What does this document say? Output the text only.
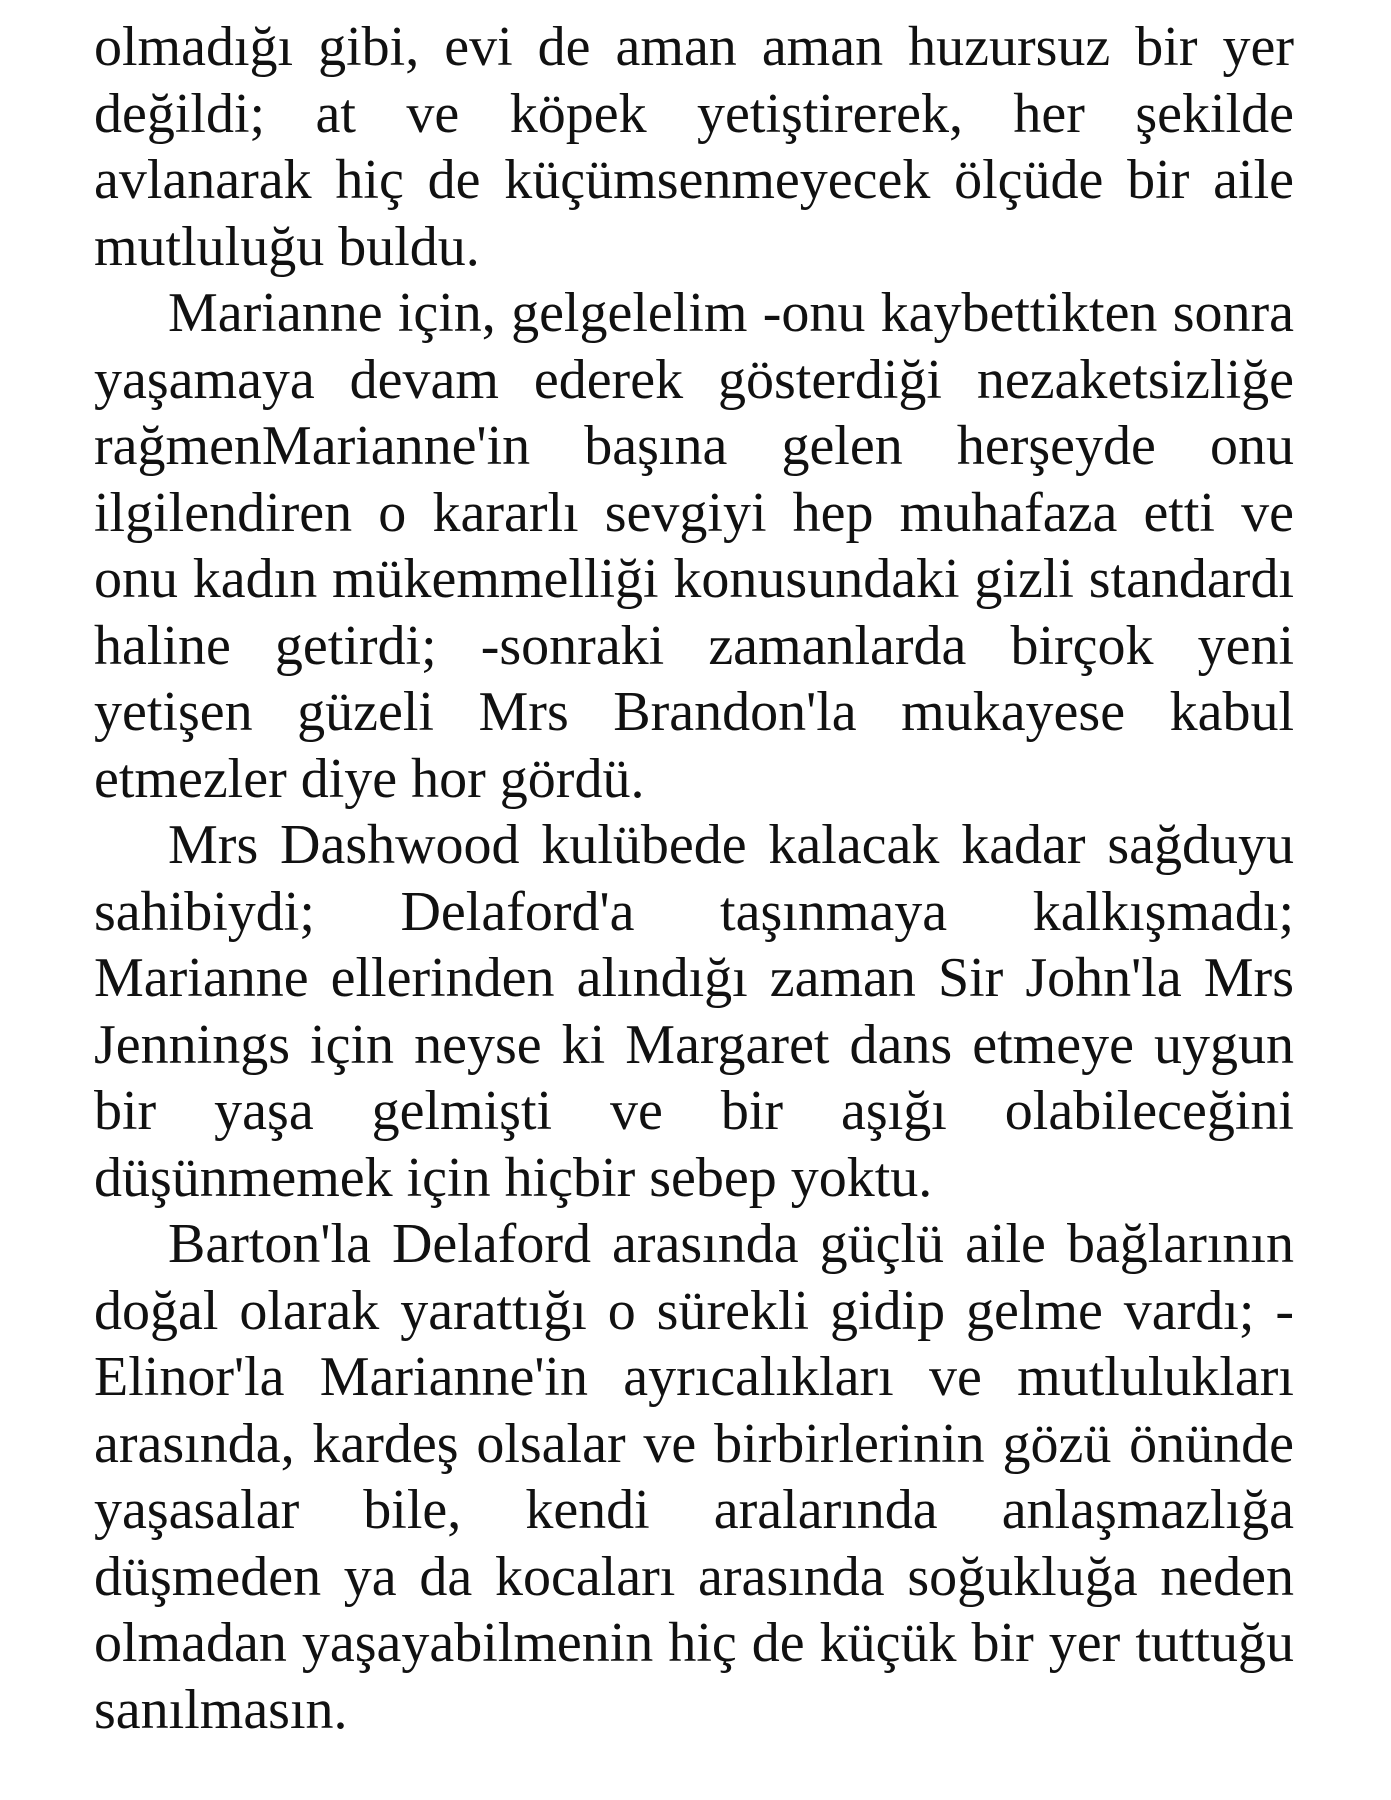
olmadığı gibi, evi de aman aman huzursuz bir yer değildi; at ve köpek yetiştirerek, her şekilde avlanarak hiç de küçümsenmeyecek ölçüde bir aile mutluluğu buldu.

Marianne için, gelgelelim -onu kaybettikten sonra yaşamaya devam ederek gösterdiği nezaketsizliğe rağmenMarianne'in başına gelen herşeyde onu ilgilendiren o kararlı sevgiyi hep muhafaza etti ve onu kadın mükemmelliği konusundaki gizli standardı haline getirdi; -sonraki zamanlarda birçok yeni yetişen güzeli Mrs Brandon'la mukayese kabul etmezler diye hor gördü.

Mrs Dashwood kulübede kalacak kadar sağduyu sahibiydi; Delaford'a taşınmaya kalkışmadı; Marianne ellerinden alındığı zaman Sir John'la Mrs Jennings için neyse ki Margaret dans etmeye uygun bir yaşa gelmişti ve bir aşığı olabileceğini düşünmemek için hiçbir sebep yoktu.

Barton'la Delaford arasında güçlü aile bağlarının doğal olarak yarattığı o sürekli gidip gelme vardı; -Elinor'la Marianne'in ayrıcalıkları ve mutlulukları arasında, kardeş olsalar ve birbirlerinin gözü önünde yaşasalar bile, kendi aralarında anlaşmazlığa düşmeden ya da kocaları arasında soğukluğa neden olmadan yaşayabilmenin hiç de küçük bir yer tuttuğu sanılmasın.
